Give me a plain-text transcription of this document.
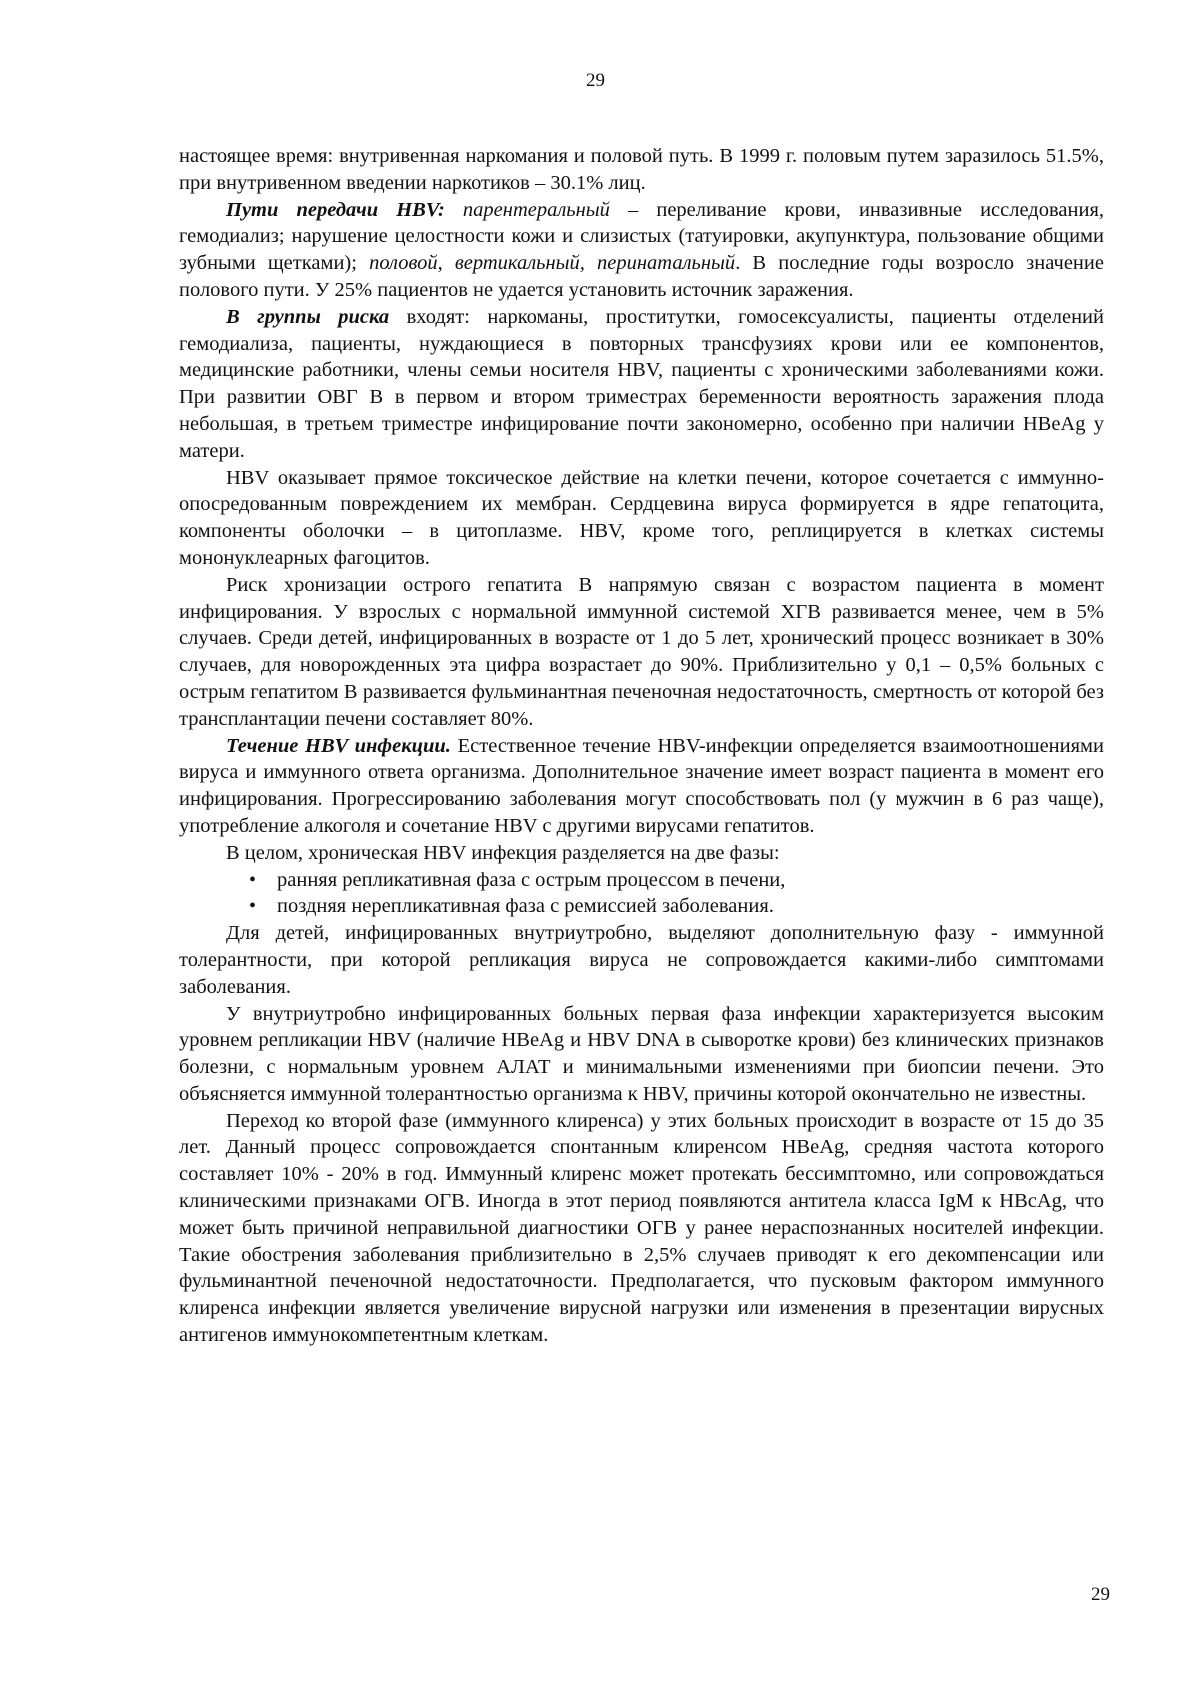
29

настоящее время: внутривенная наркомания и половой путь. В 1999 г. половым путем заразилось 51.5%, при внутривенном введении наркотиков – 30.1% лиц.

Пути передачи HBV: парентеральный – переливание крови, инвазивные исследования, гемодиализ; нарушение целостности кожи и слизистых (татуировки, акупунктура, пользование общими зубными щетками); половой, вертикальный, перинатальный. В последние годы возросло значение полового пути. У 25% пациентов не удается установить источник заражения.

В группы риска входят: наркоманы, проститутки, гомосексуалисты, пациенты отделений гемодиализа, пациенты, нуждающиеся в повторных трансфузиях крови или ее компонентов, медицинские работники, члены семьи носителя HBV, пациенты с хроническими заболеваниями кожи. При развитии ОВГ В в первом и втором триместрах беременности вероятность заражения плода небольшая, в третьем триместре инфицирование почти закономерно, особенно при наличии HBeAg у матери.

HBV оказывает прямое токсическое действие на клетки печени, которое сочетается с иммунно-опосредованным повреждением их мембран. Сердцевина вируса формируется в ядре гепатоцита, компоненты оболочки – в цитоплазме. HBV, кроме того, реплицируется в клетках системы мононуклеарных фагоцитов.

Риск хронизации острого гепатита В напрямую связан с возрастом пациента в момент инфицирования. У взрослых с нормальной иммунной системой ХГВ развивается менее, чем в 5% случаев. Среди детей, инфицированных в возрасте от 1 до 5 лет, хронический процесс возникает в 30% случаев, для новорожденных эта цифра возрастает до 90%. Приблизительно у 0,1 – 0,5% больных с острым гепатитом В развивается фульминантная печеночная недостаточность, смертность от которой без трансплантации печени составляет 80%.

Течение HBV инфекции. Естественное течение HBV-инфекции определяется взаимоотношениями вируса и иммунного ответа организма. Дополнительное значение имеет возраст пациента в момент его инфицирования. Прогрессированию заболевания могут способствовать пол (у мужчин в 6 раз чаще), употребление алкоголя и сочетание HBV с другими вирусами гепатитов.

В целом, хроническая HBV инфекция разделяется на две фазы:

• ранняя репликативная фаза с острым процессом в печени,
• поздняя нерепликативная фаза с ремиссией заболевания.

Для детей, инфицированных внутриутробно, выделяют дополнительную фазу - иммунной толерантности, при которой репликация вируса не сопровождается какими-либо симптомами заболевания.

У внутриутробно инфицированных больных первая фаза инфекции характеризуется высоким уровнем репликации HBV (наличие HBeAg и HBV DNA в сыворотке крови) без клинических признаков болезни, с нормальным уровнем АЛАТ и минимальными изменениями при биопсии печени. Это объясняется иммунной толерантностью организма к HBV, причины которой окончательно не известны.

Переход ко второй фазе (иммунного клиренса) у этих больных происходит в возрасте от 15 до 35 лет. Данный процесс сопровождается спонтанным клиренсом HBeAg, средняя частота которого составляет 10% - 20% в год. Иммунный клиренс может протекать бессимптомно, или сопровождаться клиническими признаками ОГВ. Иногда в этот период появляются антитела класса IgM к HBcAg, что может быть причиной неправильной диагностики ОГВ у ранее нераспознанных носителей инфекции. Такие обострения заболевания приблизительно в 2,5% случаев приводят к его декомпенсации или фульминантной печеночной недостаточности. Предполагается, что пусковым фактором иммунного клиренса инфекции является увеличение вирусной нагрузки или изменения в презентации вирусных антигенов иммунокомпетентным клеткам.

29
